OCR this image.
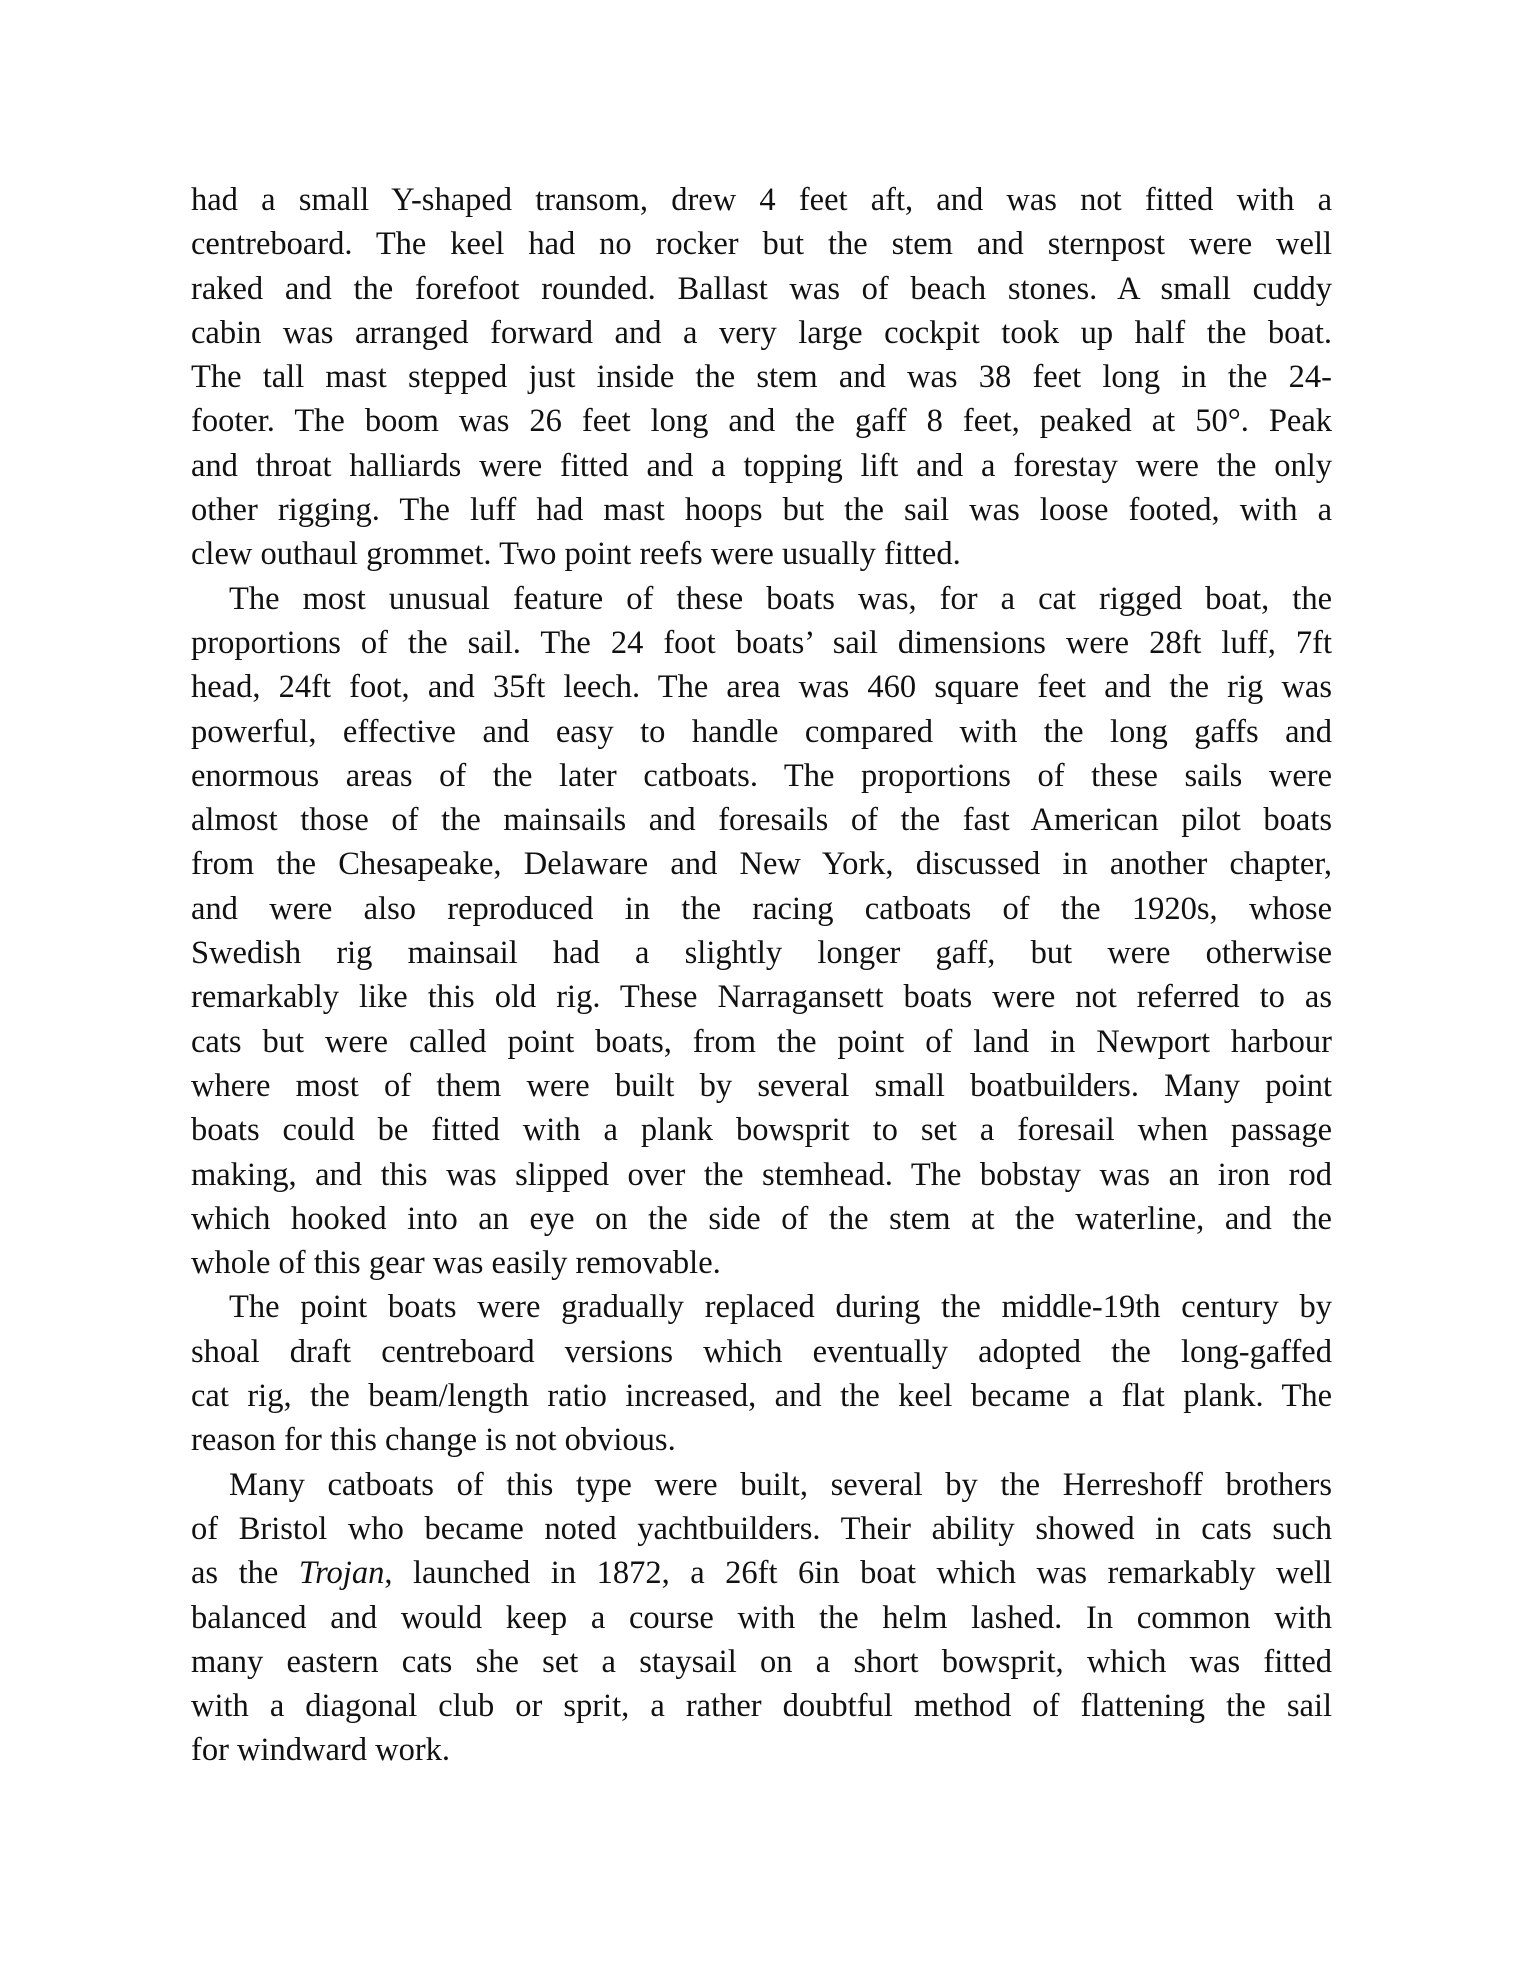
had a small Y-shaped transom, drew 4 feet aft, and was not fitted with a
centreboard. The keel had no rocker but the stem and sternpost were well
raked and the forefoot rounded. Ballast was of beach stones. A small cuddy
cabin was arranged forward and a very large cockpit took up half the boat.
The tall mast stepped just inside the stem and was 38 feet long in the 24-
footer. The boom was 26 feet long and the gaff 8 feet, peaked at 50°. Peak
and throat halliards were fitted and a topping lift and a forestay were the only
other rigging. The luff had mast hoops but the sail was loose footed, with a
clew outhaul grommet. Two point reefs were usually fitted.
The most unusual feature of these boats was, for a cat rigged boat, the
proportions of the sail. The 24 foot boats’ sail dimensions were 28ft luff, 7ft
head, 24ft foot, and 35ft leech. The area was 460 square feet and the rig was
powerful, effective and easy to handle compared with the long gaffs and
enormous areas of the later catboats. The proportions of these sails were
almost those of the mainsails and foresails of the fast American pilot boats
from the Chesapeake, Delaware and New York, discussed in another chapter,
and were also reproduced in the racing catboats of the 1920s, whose
Swedish rig mainsail had a slightly longer gaff, but were otherwise
remarkably like this old rig. These Narragansett boats were not referred to as
cats but were called point boats, from the point of land in Newport harbour
where most of them were built by several small boatbuilders. Many point
boats could be fitted with a plank bowsprit to set a foresail when passage
making, and this was slipped over the stemhead. The bobstay was an iron rod
which hooked into an eye on the side of the stem at the waterline, and the
whole of this gear was easily removable.
The point boats were gradually replaced during the middle-19th century by
shoal draft centreboard versions which eventually adopted the long-gaffed
cat rig, the beam/length ratio increased, and the keel became a flat plank. The
reason for this change is not obvious.
Many catboats of this type were built, several by the Herreshoff brothers
of Bristol who became noted yachtbuilders. Their ability showed in cats such
as the Trojan, launched in 1872, a 26ft 6in boat which was remarkably well
balanced and would keep a course with the helm lashed. In common with
many eastern cats she set a staysail on a short bowsprit, which was fitted
with a diagonal club or sprit, a rather doubtful method of flattening the sail
for windward work.
